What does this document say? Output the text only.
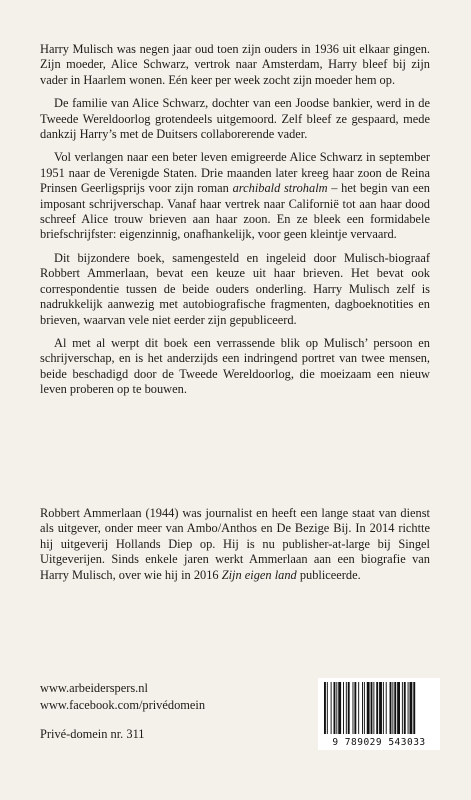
Harry Mulisch was negen jaar oud toen zijn ouders in 1936 uit elkaar gingen. Zijn moeder, Alice Schwarz, vertrok naar Amsterdam, Harry bleef bij zijn vader in Haarlem wonen. Eén keer per week zocht zijn moeder hem op.

De familie van Alice Schwarz, dochter van een Joodse bankier, werd in de Tweede Wereldoorlog grotendeels uitgemoord. Zelf bleef ze gespaard, mede dankzij Harry’s met de Duitsers collaborerende vader.

Vol verlangen naar een beter leven emigreerde Alice Schwarz in september 1951 naar de Verenigde Staten. Drie maanden later kreeg haar zoon de Reina Prinsen Geerligsprijs voor zijn roman archibald strohalm – het begin van een imposant schrijverschap. Vanaf haar vertrek naar Californië tot aan haar dood schreef Alice trouw brieven aan haar zoon. En ze bleek een formidabele briefschrijfster: eigenzinnig, onafhankelijk, voor geen kleintje vervaard.

Dit bijzondere boek, samengesteld en ingeleid door Mulisch-biograaf Robbert Ammerlaan, bevat een keuze uit haar brieven. Het bevat ook correspondentie tussen de beide ouders onderling. Harry Mulisch zelf is nadrukkelijk aanwezig met autobiografische fragmenten, dagboeknotities en brieven, waarvan vele niet eerder zijn gepubliceerd.

Al met al werpt dit boek een verrassende blik op Mulisch’ persoon en schrijverschap, en is het anderzijds een indringend portret van twee mensen, beide beschadigd door de Tweede Wereldoorlog, die moeizaam een nieuw leven proberen op te bouwen.

Robbert Ammerlaan (1944) was journalist en heeft een lange staat van dienst als uitgever, onder meer van Ambo/Anthos en De Bezige Bij. In 2014 richtte hij uitgeverij Hollands Diep op. Hij is nu publisher-at-large bij Singel Uitgeverijen. Sinds enkele jaren werkt Ammerlaan aan een biografie van Harry Mulisch, over wie hij in 2016 Zijn eigen land publiceerde.

www.arbeiderspers.nl
www.facebook.com/privédomein
Privé-domein nr. 311
9 789029 543033
